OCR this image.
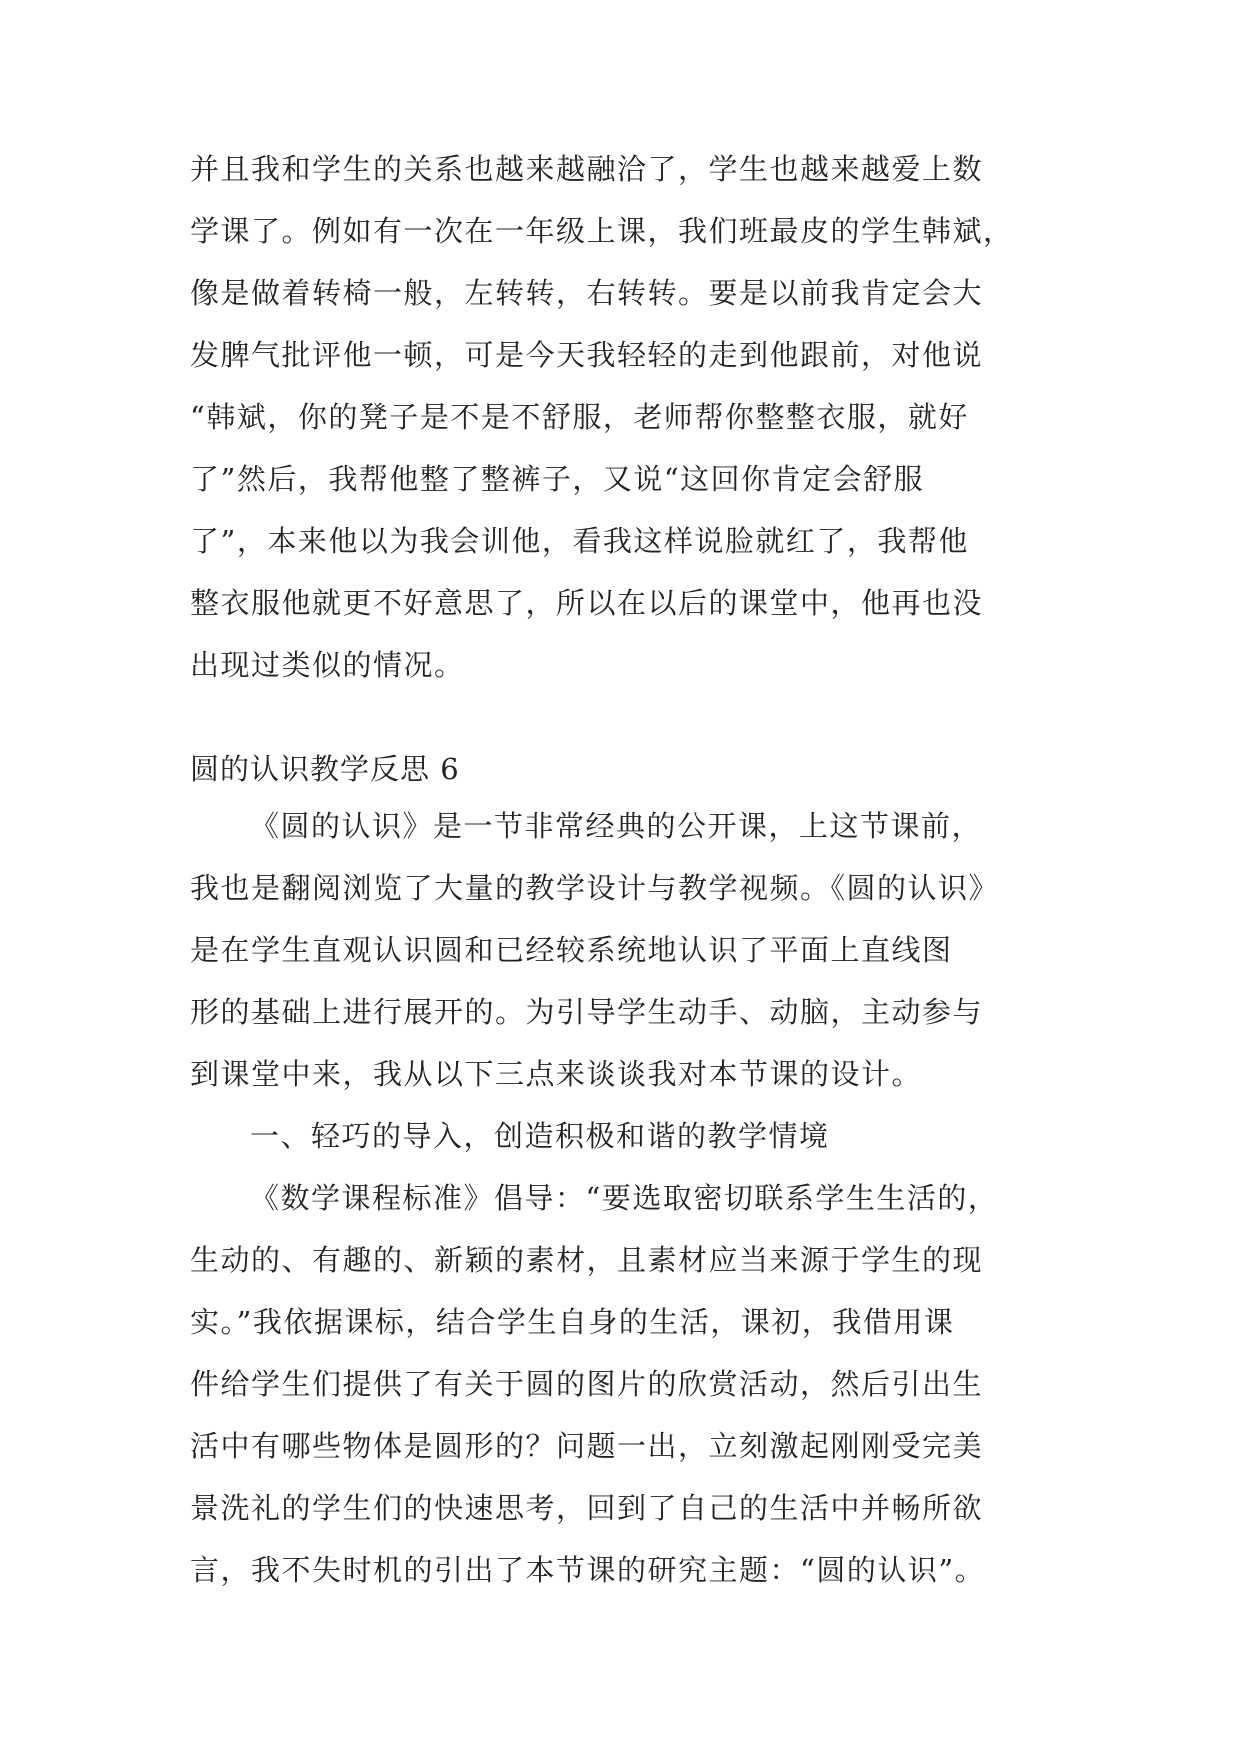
并且我和学生的关系也越来越融洽了，学生也越来越爱上数
学课了。例如有一次在一年级上课，我们班最皮的学生韩斌，
像是做着转椅一般，左转转，右转转。要是以前我肯定会大
发脾气批评他一顿，可是今天我轻轻的走到他跟前，对他说
“韩斌，你的凳子是不是不舒服，老师帮你整整衣服，就好
了”然后，我帮他整了整裤子，又说“这回你肯定会舒服
了”，本来他以为我会训他，看我这样说脸就红了，我帮他
整衣服他就更不好意思了，所以在以后的课堂中，他再也没
出现过类似的情况。
圆的认识教学反思 6
《圆的认识》是一节非常经典的公开课，上这节课前，
我也是翻阅浏览了大量的教学设计与教学视频。《圆的认识》
是在学生直观认识圆和已经较系统地认识了平面上直线图
形的基础上进行展开的。为引导学生动手、动脑，主动参与
到课堂中来，我从以下三点来谈谈我对本节课的设计。
一、轻巧的导入，创造积极和谐的教学情境
《数学课程标准》倡导：“要选取密切联系学生生活的，
生动的、有趣的、新颖的素材，且素材应当来源于学生的现
实。”我依据课标，结合学生自身的生活，课初，我借用课
件给学生们提供了有关于圆的图片的欣赏活动，然后引出生
活中有哪些物体是圆形的？问题一出，立刻激起刚刚受完美
景洗礼的学生们的快速思考，回到了自己的生活中并畅所欲
言，我不失时机的引出了本节课的研究主题：“圆的认识”。
